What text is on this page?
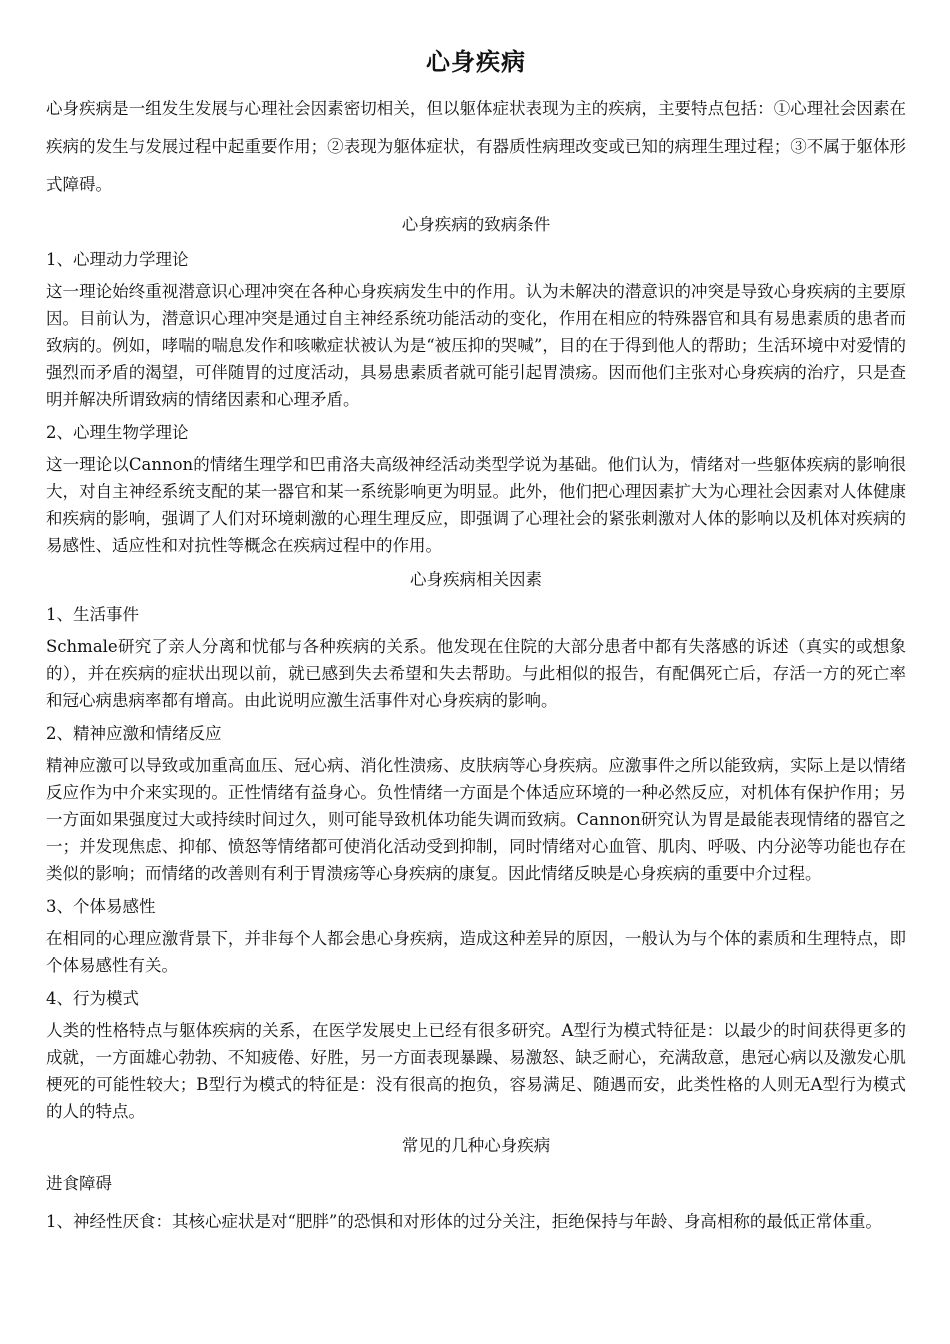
心身疾病

心身疾病是一组发生发展与心理社会因素密切相关，但以躯体症状表现为主的疾病，主要特点包括：①心理社会因素在疾病的发生与发展过程中起重要作用；②表现为躯体症状，有器质性病理改变或已知的病理生理过程；③不属于躯体形式障碍。

心身疾病的致病条件
1、心理动力学理论

这一理论始终重视潜意识心理冲突在各种心身疾病发生中的作用。认为未解决的潜意识的冲突是导致心身疾病的主要原因。目前认为，潜意识心理冲突是通过自主神经系统功能活动的变化，作用在相应的特殊器官和具有易患素质的患者而致病的。例如，哮喘的喘息发作和咳嗽症状被认为是“被压抑的哭喊”，目的在于得到他人的帮助；生活环境中对爱情的强烈而矛盾的渴望，可伴随胃的过度活动，具易患素质者就可能引起胃溃疡。因而他们主张对心身疾病的治疗，只是查明并解决所谓致病的情绪因素和心理矛盾。

2、心理生物学理论

这一理论以Cannon的情绪生理学和巴甫洛夫高级神经活动类型学说为基础。他们认为，情绪对一些躯体疾病的影响很大，对自主神经系统支配的某一器官和某一系统影响更为明显。此外，他们把心理因素扩大为心理社会因素对人体健康和疾病的影响，强调了人们对环境刺激的心理生理反应，即强调了心理社会的紧张刺激对人体的影响以及机体对疾病的易感性、适应性和对抗性等概念在疾病过程中的作用。

心身疾病相关因素
1、生活事件

Schmale研究了亲人分离和忧郁与各种疾病的关系。他发现在住院的大部分患者中都有失落感的诉述（真实的或想象的），并在疾病的症状出现以前，就已感到失去希望和失去帮助。与此相似的报告，有配偶死亡后，存活一方的死亡率和冠心病患病率都有增高。由此说明应激生活事件对心身疾病的影响。

2、精神应激和情绪反应

精神应激可以导致或加重高血压、冠心病、消化性溃疡、皮肤病等心身疾病。应激事件之所以能致病，实际上是以情绪反应作为中介来实现的。正性情绪有益身心。负性情绪一方面是个体适应环境的一种必然反应，对机体有保护作用；另一方面如果强度过大或持续时间过久，则可能导致机体功能失调而致病。Cannon研究认为胃是最能表现情绪的器官之一；并发现焦虑、抑郁、愤怒等情绪都可使消化活动受到抑制，同时情绪对心血管、肌肉、呼吸、内分泌等功能也存在类似的影响；而情绪的改善则有利于胃溃疡等心身疾病的康复。因此情绪反映是心身疾病的重要中介过程。

3、个体易感性

在相同的心理应激背景下，并非每个人都会患心身疾病，造成这种差异的原因，一般认为与个体的素质和生理特点，即个体易感性有关。

4、行为模式

人类的性格特点与躯体疾病的关系，在医学发展史上已经有很多研究。A型行为模式特征是：以最少的时间获得更多的成就，一方面雄心勃勃、不知疲倦、好胜，另一方面表现暴躁、易激怒、缺乏耐心，充满敌意，患冠心病以及激发心肌梗死的可能性较大；B型行为模式的特征是：没有很高的抱负，容易满足、随遇而安，此类性格的人则无A型行为模式的人的特点。

常见的几种心身疾病
进食障碍

1、神经性厌食：其核心症状是对“肥胖”的恐惧和对形体的过分关注，拒绝保持与年龄、身高相称的最低正常体重。
